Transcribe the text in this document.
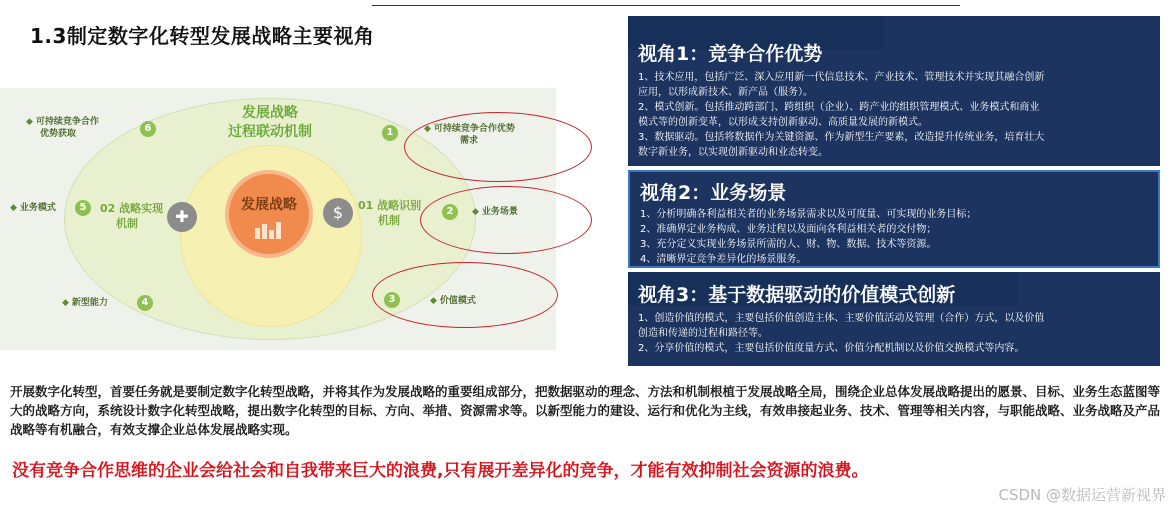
1.3制定数字化转型发展战略主要视角
发展战略
过程联动机制
发展战略
✚
02 战略实现
机制
$	01 战略识别
机制
1	◆ 可持续竞争合作优势
需求
2	◆ 业务场景
3	◆ 价值模式
4
◆ 新型能力
5
◆ 业务模式
6
◆ 可持续竞争合作
优势获取
视角1：竞争合作优势
1、技术应用，包括广泛、深入应用新一代信息技术、产业技术、管理技术并实现其融合创新
应用，以形成新技术、新产品（服务）。
2、模式创新。包括推动跨部门、跨组织（企业）、跨产业的组织管理模式、业务模式和商业
模式等的创新变革，以形成支持创新驱动、高质量发展的新模式。
3、数据驱动。包括将数据作为关键资源、作为新型生产要素，改造提升传统业务，培育壮大
数字新业务，以实现创新驱动和业态转变。
视角2：业务场景
1、分析明确各利益相关者的业务场景需求以及可度量、可实现的业务目标；
2、准确界定业务构成、业务过程以及面向各利益相关者的交付物；
3、充分定义实现业务场景所需的人、财、物、数据、技术等资源。
4、清晰界定竞争差异化的场景服务。
视角3：基于数据驱动的价值模式创新
1、创造价值的模式，主要包括价值创造主体、主要价值活动及管理（合作）方式，以及价值
创造和传递的过程和路径等。
2、分享价值的模式，主要包括价值度量方式、价值分配机制以及价值交换模式等内容。
开展数字化转型，首要任务就是要制定数字化转型战略，并将其作为发展战略的重要组成部分，把数据驱动的理念、方法和机制根植于发展战略全局，围绕企业总体发展战略提出的愿景、目标、业务生态蓝图等大的战略方向，系统设计数字化转型战略，提出数字化转型的目标、方向、举措、资源需求等。以新型能力的建设、运行和优化为主线，有效串接起业务、技术、管理等相关内容，与职能战略、业务战略及产品战略等有机融合，有效支撑企业总体发展战略实现。
没有竞争合作思维的企业会给社会和自我带来巨大的浪费,只有展开差异化的竞争，才能有效抑制社会资源的浪费。
CSDN @数据运营新视界
